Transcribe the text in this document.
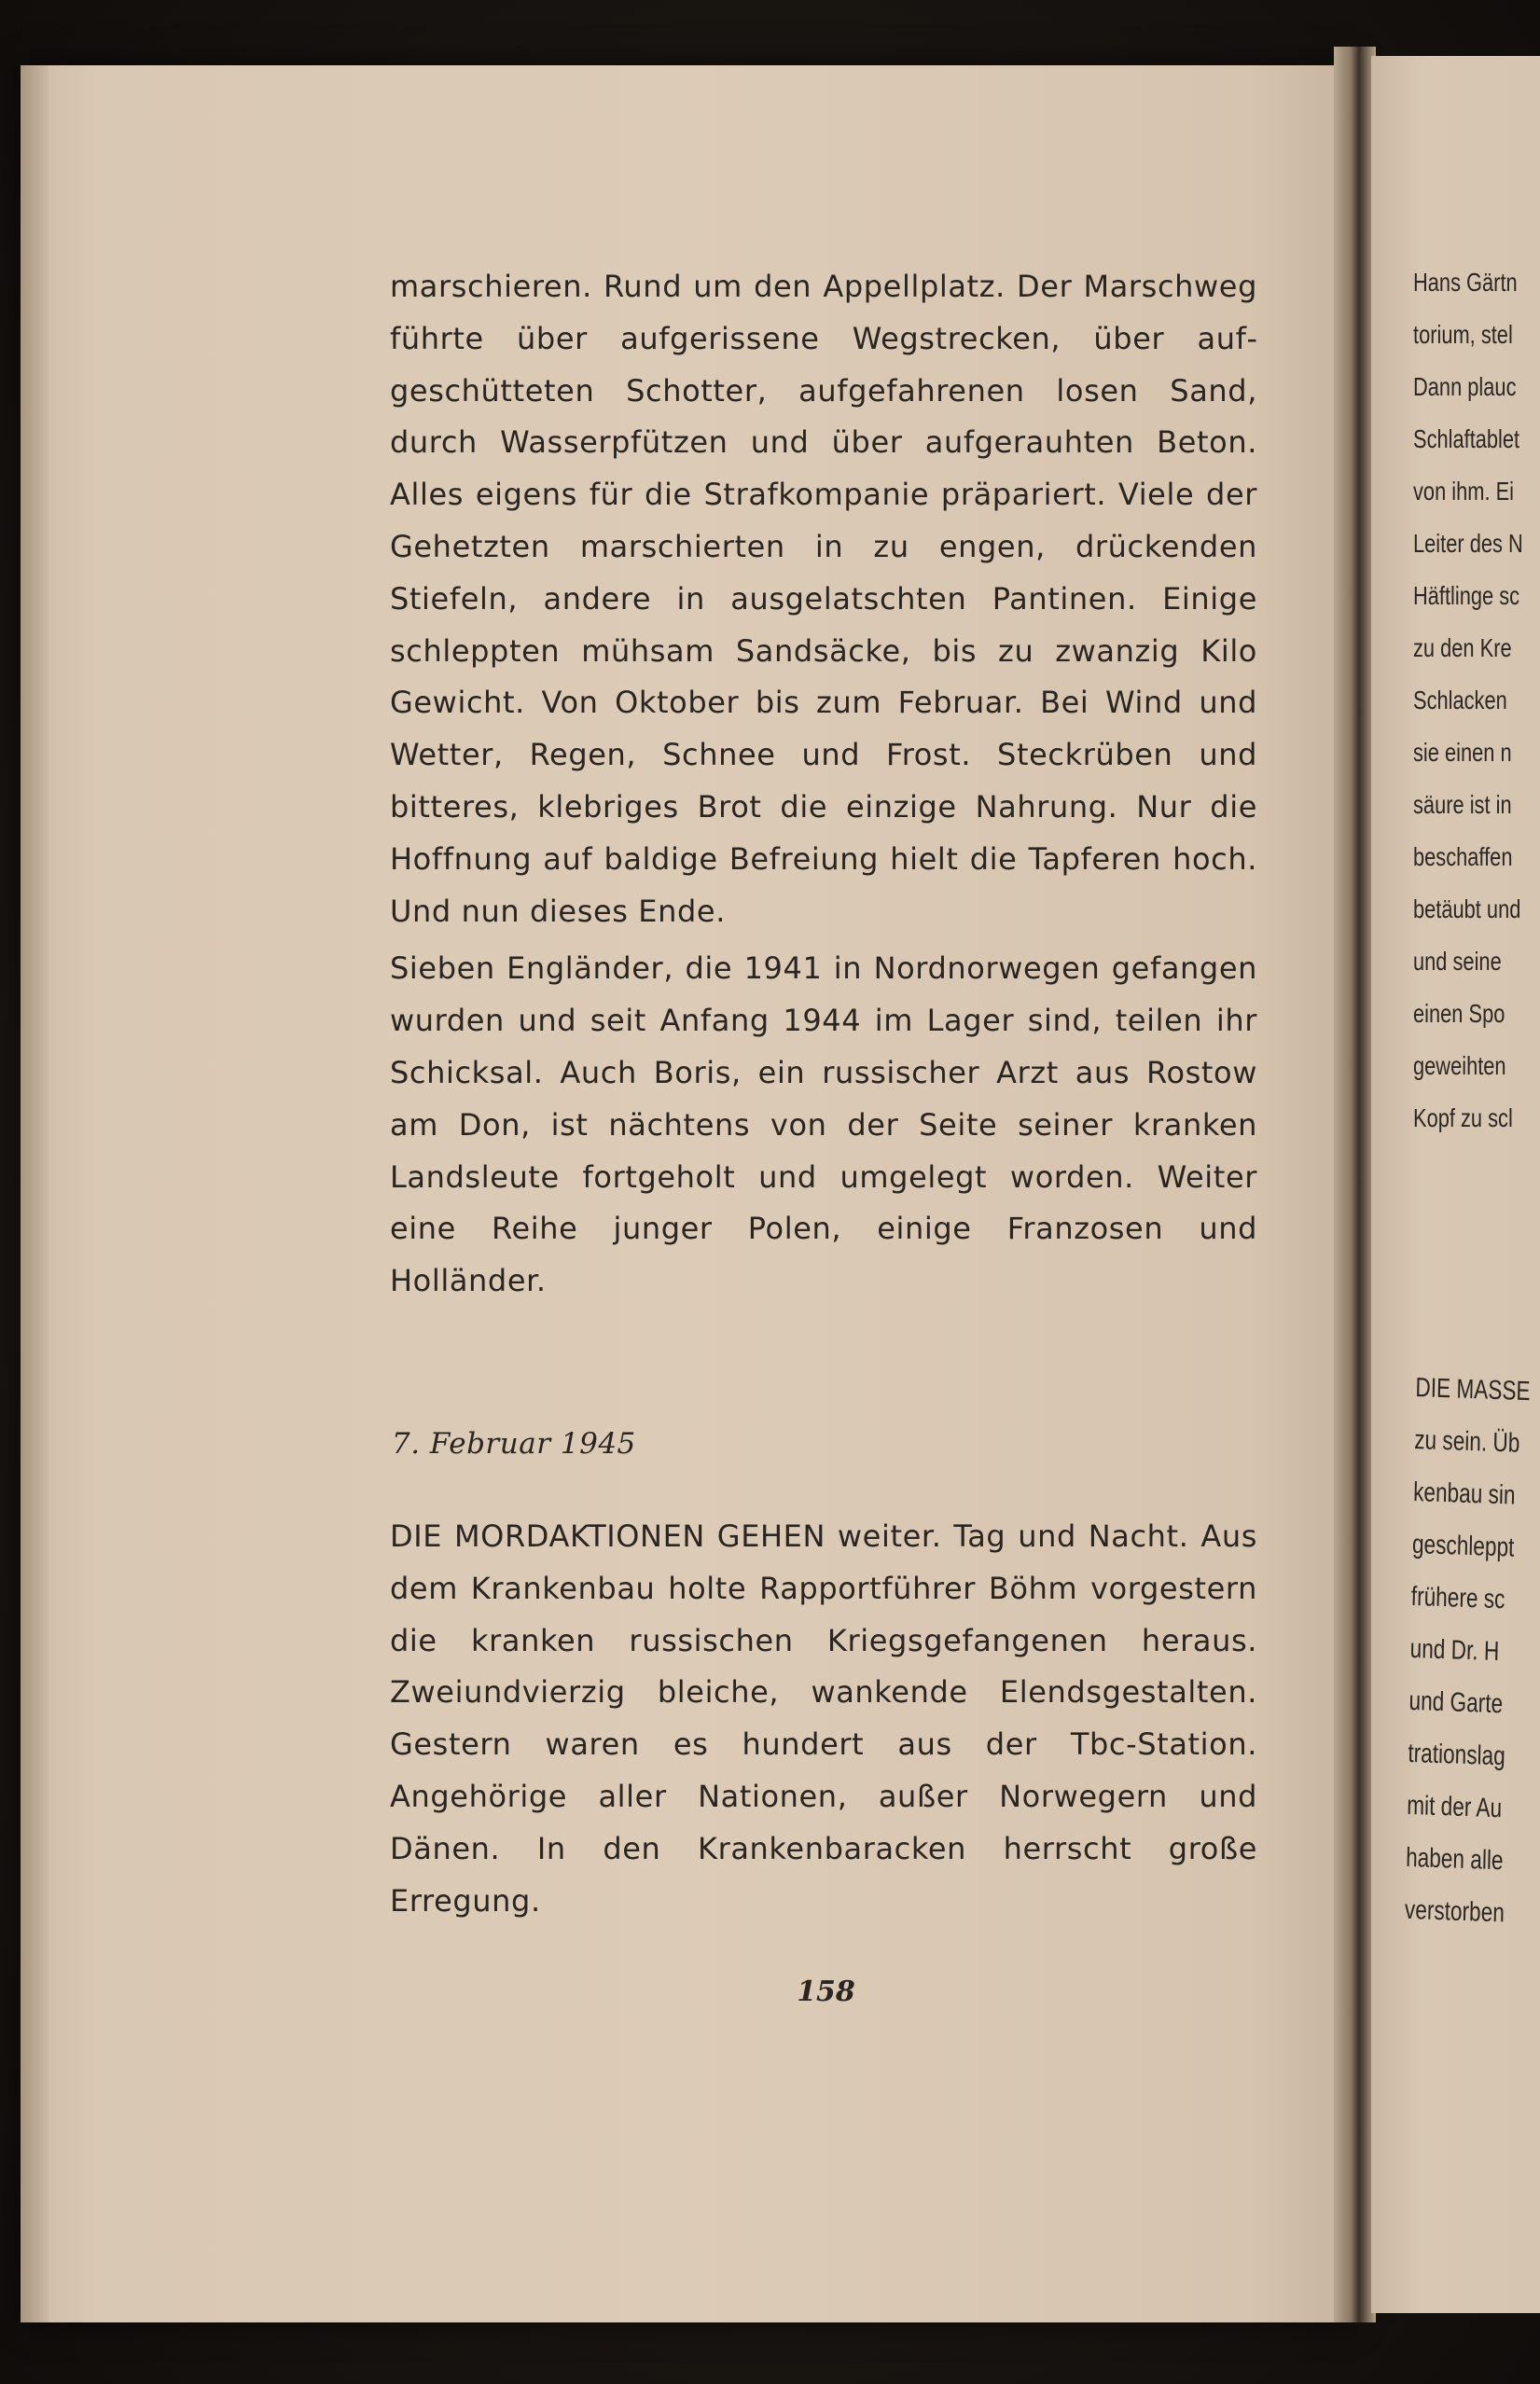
marschieren. Rund um den Appellplatz. Der Marschweg führte über aufgerissene Wegstrecken, über aufgeschütteten Schotter, aufgefahrenen losen Sand, durch Wasserpfützen und über aufgerauhten Beton. Alles eigens für die Strafkompanie präpariert. Viele der Gehetzten marschierten in zu engen, drückenden Stiefeln, andere in ausgelatschten Pantinen. Einige schleppten mühsam Sandsäcke, bis zu zwanzig Kilo Gewicht. Von Oktober bis zum Februar. Bei Wind und Wetter, Regen, Schnee und Frost. Steckrüben und bitteres, klebriges Brot die einzige Nahrung. Nur die Hoffnung auf baldige Befreiung hielt die Tapferen hoch. Und nun dieses Ende.

Sieben Engländer, die 1941 in Nordnorwegen gefangen wurden und seit Anfang 1944 im Lager sind, teilen ihr Schicksal. Auch Boris, ein russischer Arzt aus Rostow am Don, ist nächtens von der Seite seiner kranken Landsleute fortgeholt und umgelegt worden. Weiter eine Reihe junger Polen, einige Franzosen und Holländer.

7. Februar 1945

DIE MORDAKTIONEN GEHEN weiter. Tag und Nacht. Aus dem Krankenbau holte Rapportführer Böhm vorgestern die kranken russischen Kriegsgefangenen heraus. Zweiundvierzig bleiche, wankende Elendsgestalten. Gestern waren es hundert aus der Tbc-Station. Angehörige aller Nationen, außer Norwegern und Dänen. In den Krankenbaracken herrscht große Erregung.

158
Hans Gärtn
torium, stel
Dann plauc
Schlaftablet
von ihm. Ei
Leiter des N
Häftlinge sc
zu den Kre
Schlacken
sie einen n
säure ist in
beschaffen
betäubt und
und seine
einen Spo
geweihten
Kopf zu scl
DIE MASSE
zu sein. Üb
kenbau sin
geschleppt
frühere sc
und Dr. H
und Garte
trationslag
mit der Au
haben alle
verstorben
